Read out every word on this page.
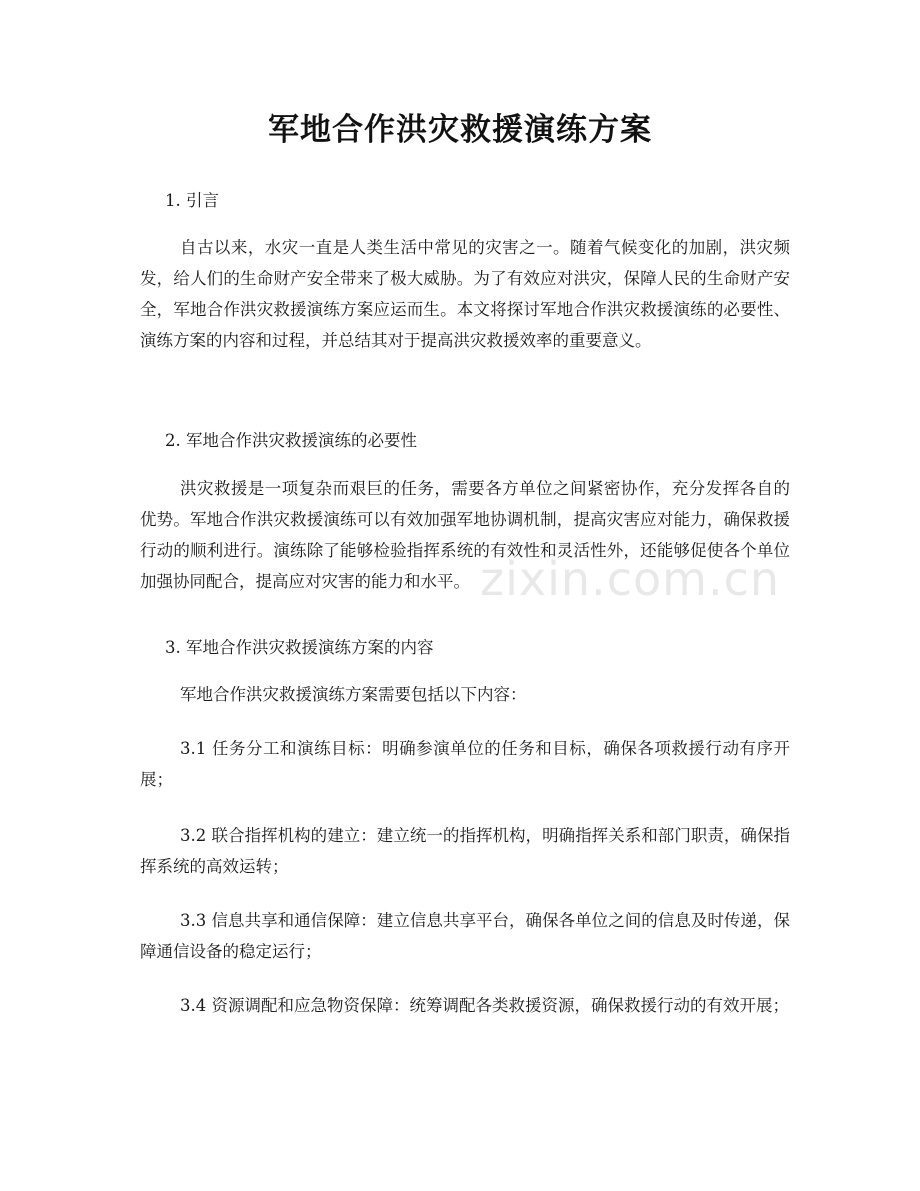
军地合作洪灾救援演练方案

1. 引言

自古以来，水灾一直是人类生活中常见的灾害之一。随着气候变化的加剧，洪灾频发，给人们的生命财产安全带来了极大威胁。为了有效应对洪灾，保障人民的生命财产安全，军地合作洪灾救援演练方案应运而生。本文将探讨军地合作洪灾救援演练的必要性、演练方案的内容和过程，并总结其对于提高洪灾救援效率的重要意义。

2. 军地合作洪灾救援演练的必要性

洪灾救援是一项复杂而艰巨的任务，需要各方单位之间紧密协作，充分发挥各自的优势。军地合作洪灾救援演练可以有效加强军地协调机制，提高灾害应对能力，确保救援行动的顺利进行。演练除了能够检验指挥系统的有效性和灵活性外，还能够促使各个单位加强协同配合，提高应对灾害的能力和水平。

3. 军地合作洪灾救援演练方案的内容

军地合作洪灾救援演练方案需要包括以下内容：

3.1 任务分工和演练目标：明确参演单位的任务和目标，确保各项救援行动有序开展；

3.2 联合指挥机构的建立：建立统一的指挥机构，明确指挥关系和部门职责，确保指挥系统的高效运转；

3.3 信息共享和通信保障：建立信息共享平台，确保各单位之间的信息及时传递，保障通信设备的稳定运行；

3.4 资源调配和应急物资保障：统筹调配各类救援资源，确保救援行动的有效开展；

zixin.com.cn
